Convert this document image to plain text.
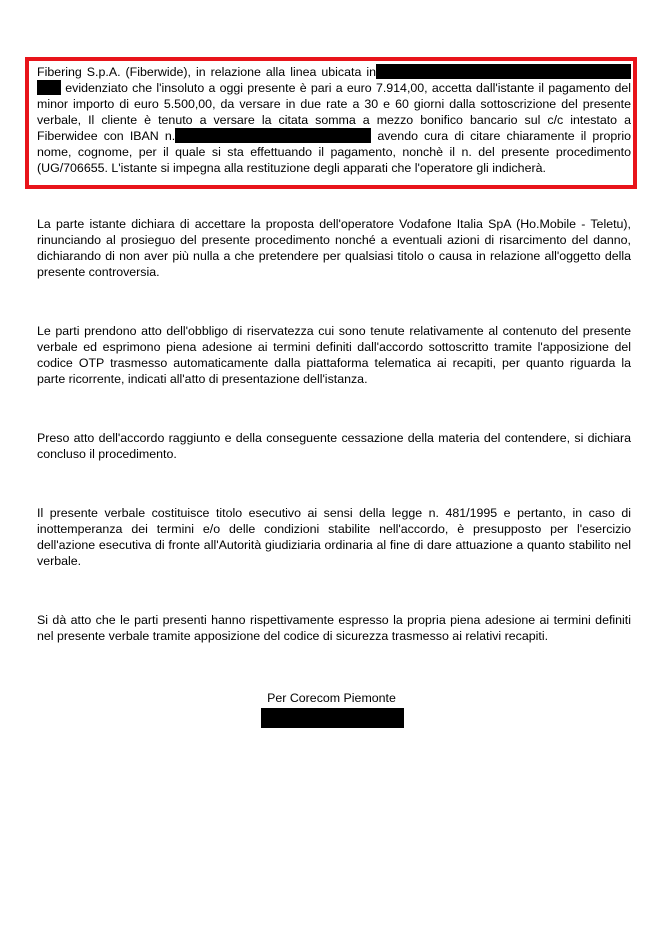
Fibering S.p.A. (Fiberwide), in relazione alla linea ubicata in evidenziato che l'insoluto a oggi presente è pari a euro 7.914,00, accetta dall'istante il pagamento del minor importo di euro 5.500,00, da versare in due rate a 30 e 60 giorni dalla sottoscrizione del presente verbale, Il cliente è tenuto a versare la citata somma a mezzo bonifico bancario sul c/c intestato a Fiberwidee con IBAN n.	avendo cura di citare chiaramente il proprio nome, cognome, per il quale si sta effettuando il pagamento, nonchè il n. del presente procedimento (UG/706655. L'istante si impegna alla restituzione degli apparati che l'operatore gli indicherà.

La parte istante dichiara di accettare la proposta dell'operatore Vodafone Italia SpA (Ho.Mobile - Teletu), rinunciando al prosieguo del presente procedimento nonché a eventuali azioni di risarcimento del danno, dichiarando di non aver più nulla a che pretendere per qualsiasi titolo o causa in relazione all'oggetto della presente controversia.

Le parti prendono atto dell'obbligo di riservatezza cui sono tenute relativamente al contenuto del presente verbale ed esprimono piena adesione ai termini definiti dall'accordo sottoscritto tramite l'apposizione del codice OTP trasmesso automaticamente dalla piattaforma telematica ai recapiti, per quanto riguarda la parte ricorrente, indicati all'atto di presentazione dell'istanza.

Preso atto dell'accordo raggiunto e della conseguente cessazione della materia del contendere, si dichiara concluso il procedimento.

Il presente verbale costituisce titolo esecutivo ai sensi della legge n. 481/1995 e pertanto, in caso di inottemperanza dei termini e/o delle condizioni stabilite nell'accordo, è presupposto per l'esercizio dell'azione esecutiva di fronte all'Autorità giudiziaria ordinaria al fine di dare attuazione a quanto stabilito nel verbale.

Si dà atto che le parti presenti hanno rispettivamente espresso la propria piena adesione ai termini definiti nel presente verbale tramite apposizione del codice di sicurezza trasmesso ai relativi recapiti.

Per Corecom Piemonte
